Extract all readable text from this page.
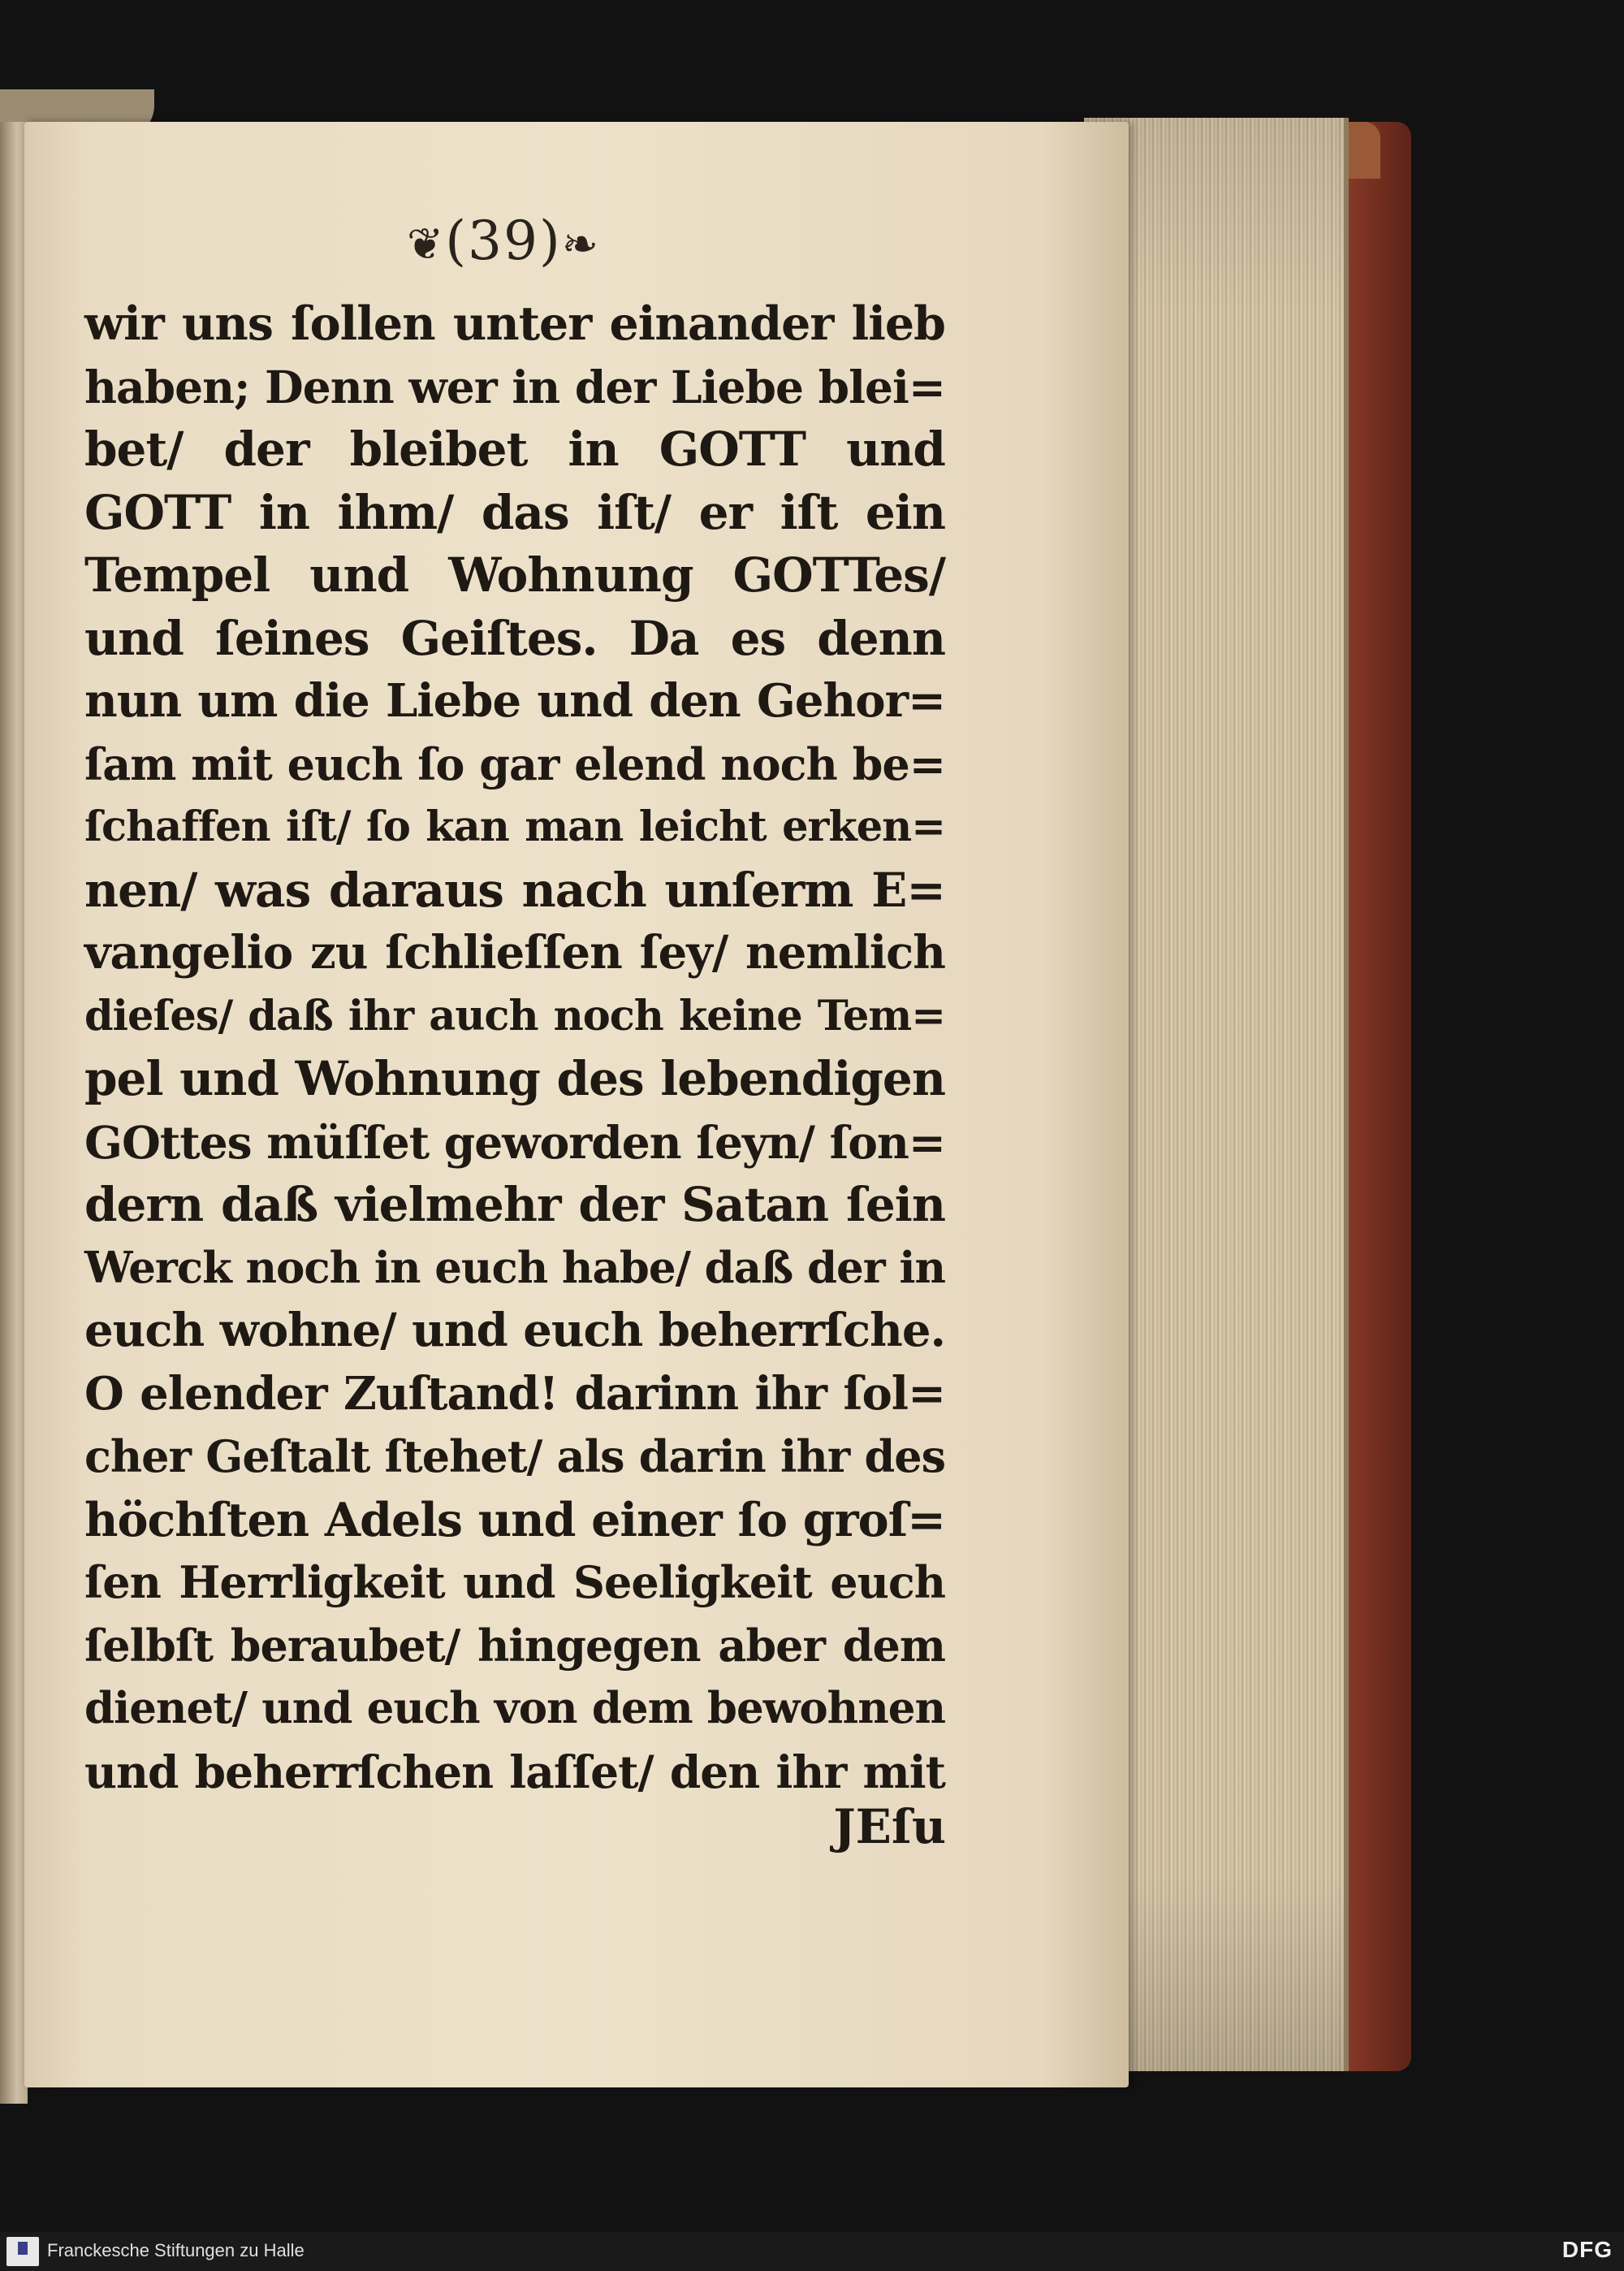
❦(39)❧
wir uns ſollen unter einander lieb
haben; Denn wer in der Liebe blei=
bet/ der bleibet in GOTT und
GOTT in ihm/ das iſt/ er iſt ein
Tempel und Wohnung GOTTes/
und ſeines Geiſtes. Da es denn
nun um die Liebe und den Gehor=
ſam mit euch ſo gar elend noch be=
ſchaffen iſt/ ſo kan man leicht erken=
nen/ was daraus nach unſerm E=
vangelio zu ſchlieſſen ſey/ nemlich
dieſes/ daß ihr auch noch keine Tem=
pel und Wohnung des lebendigen
GOttes müſſet geworden ſeyn/ ſon=
dern daß vielmehr der Satan ſein
Werck noch in euch habe/ daß der in
euch wohne/ und euch beherrſche.
O elender Zuſtand! darinn ihr ſol=
cher Geſtalt ſtehet/ als darin ihr des
höchſten Adels und einer ſo groſ=
ſen Herrligkeit und Seeligkeit euch
ſelbſt beraubet/ hingegen aber dem
dienet/ und euch von dem bewohnen
und beherrſchen laſſet/ den ihr mit
JEſu
Franckesche Stiftungen zu Halle	DFG
